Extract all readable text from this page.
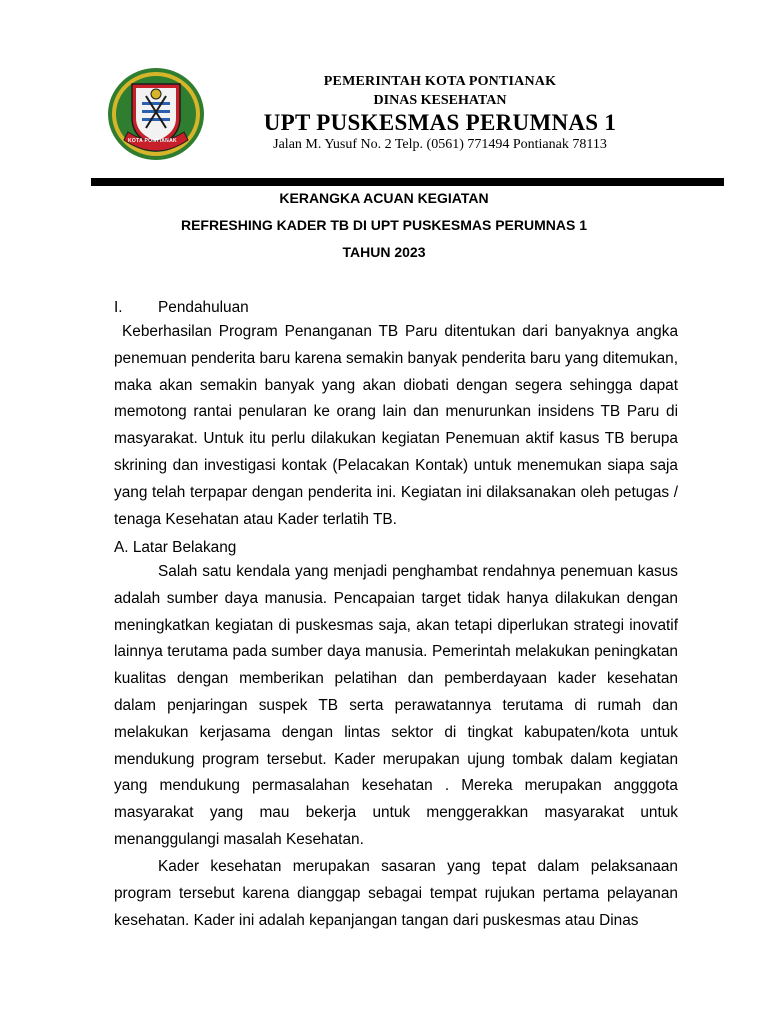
KOTA PONTIANAK
PEMERINTAH KOTA PONTIANAK
DINAS KESEHATAN
UPT PUSKESMAS PERUMNAS 1
Jalan M. Yusuf No. 2 Telp. (0561) 771494 Pontianak 78113
KERANGKA ACUAN KEGIATAN
REFRESHING KADER TB DI UPT PUSKESMAS PERUMNAS 1
TAHUN 2023
I. Pendahuluan

Keberhasilan Program Penanganan TB Paru ditentukan dari banyaknya angka penemuan penderita baru karena semakin banyak penderita baru yang ditemukan, maka akan semakin banyak yang akan diobati dengan segera sehingga dapat memotong rantai penularan ke orang lain dan menurunkan insidens TB Paru di masyarakat. Untuk itu perlu dilakukan kegiatan Penemuan aktif kasus TB berupa skrining dan investigasi kontak (Pelacakan Kontak) untuk menemukan siapa saja yang telah terpapar dengan penderita ini. Kegiatan ini dilaksanakan oleh petugas / tenaga Kesehatan atau Kader terlatih TB.

A. Latar Belakang

Salah satu kendala yang menjadi penghambat rendahnya penemuan kasus adalah sumber daya manusia. Pencapaian target tidak hanya dilakukan dengan meningkatkan kegiatan di puskesmas saja, akan tetapi diperlukan strategi inovatif lainnya terutama pada sumber daya manusia. Pemerintah melakukan peningkatan kualitas dengan memberikan pelatihan dan pemberdayaan kader kesehatan dalam penjaringan suspek TB serta perawatannya terutama di rumah dan melakukan kerjasama dengan lintas sektor di tingkat kabupaten/kota untuk mendukung program tersebut. Kader merupakan ujung tombak dalam kegiatan yang mendukung permasalahan kesehatan . Mereka merupakan angggota masyarakat yang mau bekerja untuk menggerakkan masyarakat untuk menanggulangi masalah Kesehatan.

Kader kesehatan merupakan sasaran yang tepat dalam pelaksanaan program tersebut karena dianggap sebagai tempat rujukan pertama pelayanan kesehatan. Kader ini adalah kepanjangan tangan dari puskesmas atau Dinas
